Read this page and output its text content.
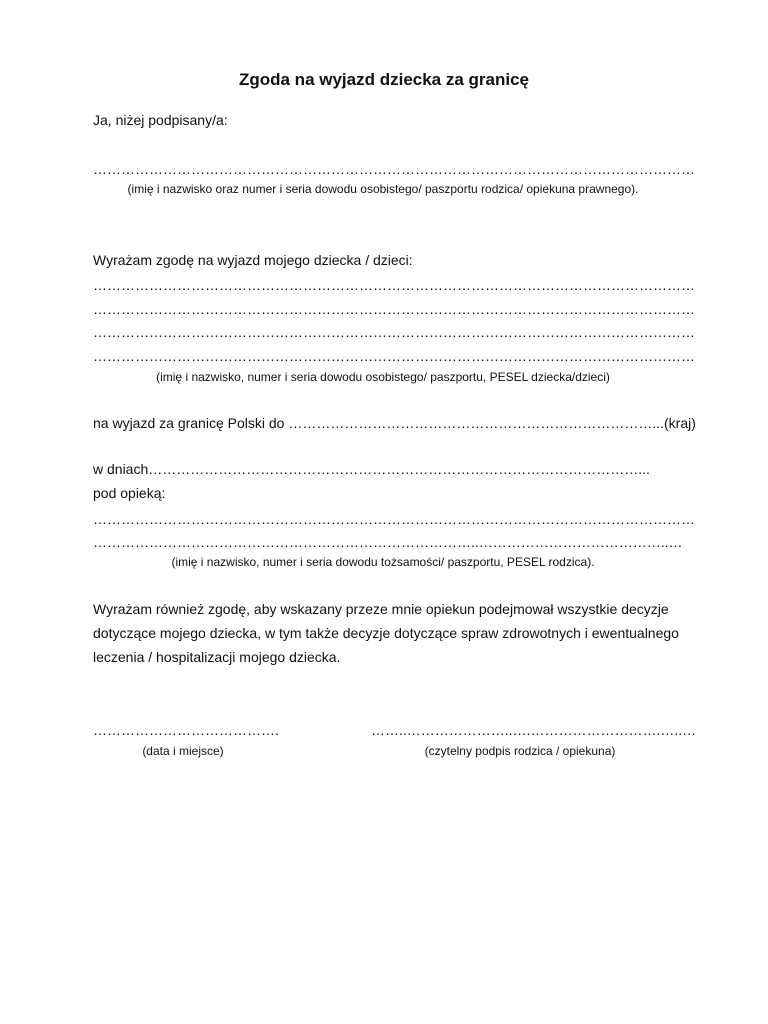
Zgoda na wyjazd dziecka za granicę
Ja, niżej podpisany/a:
…………………………………………………………………………………………………………………
(imię i nazwisko oraz numer i seria dowodu osobistego/ paszportu rodzica/ opiekuna prawnego).
Wyrażam zgodę na wyjazd mojego dziecka / dzieci:
…………………………………………………………………………………………………………………
…………………………………………………………………………………………………………………
…………………………………………………………………………………………………………………
…………………………………………………………………………………………………………………
(imię i nazwisko, numer i seria dowodu osobistego/ paszportu, PESEL dziecka/dzieci)
na wyjazd za granicę Polski do ……………………………………………………………………...(kraj)
w dniach……………………………………………………………………………………………...
pod opieką:
…………………………………………………………………………………………………………………
………………………………………………………………………..…………………………………..…
(imię i nazwisko, numer i seria dowodu tożsamości/ paszportu, PESEL rodzica).
Wyrażam również zgodę, aby wskazany przeze mnie opiekun podejmował wszystkie decyzje dotyczące mojego dziecka, w tym także decyzje dotyczące spraw zdrowotnych i ewentualnego leczenia / hospitalizacji mojego dziecka.
………………………………….	……..…………………..….……………………….…..…
(data i miejsce)	(czytelny podpis rodzica / opiekuna)
